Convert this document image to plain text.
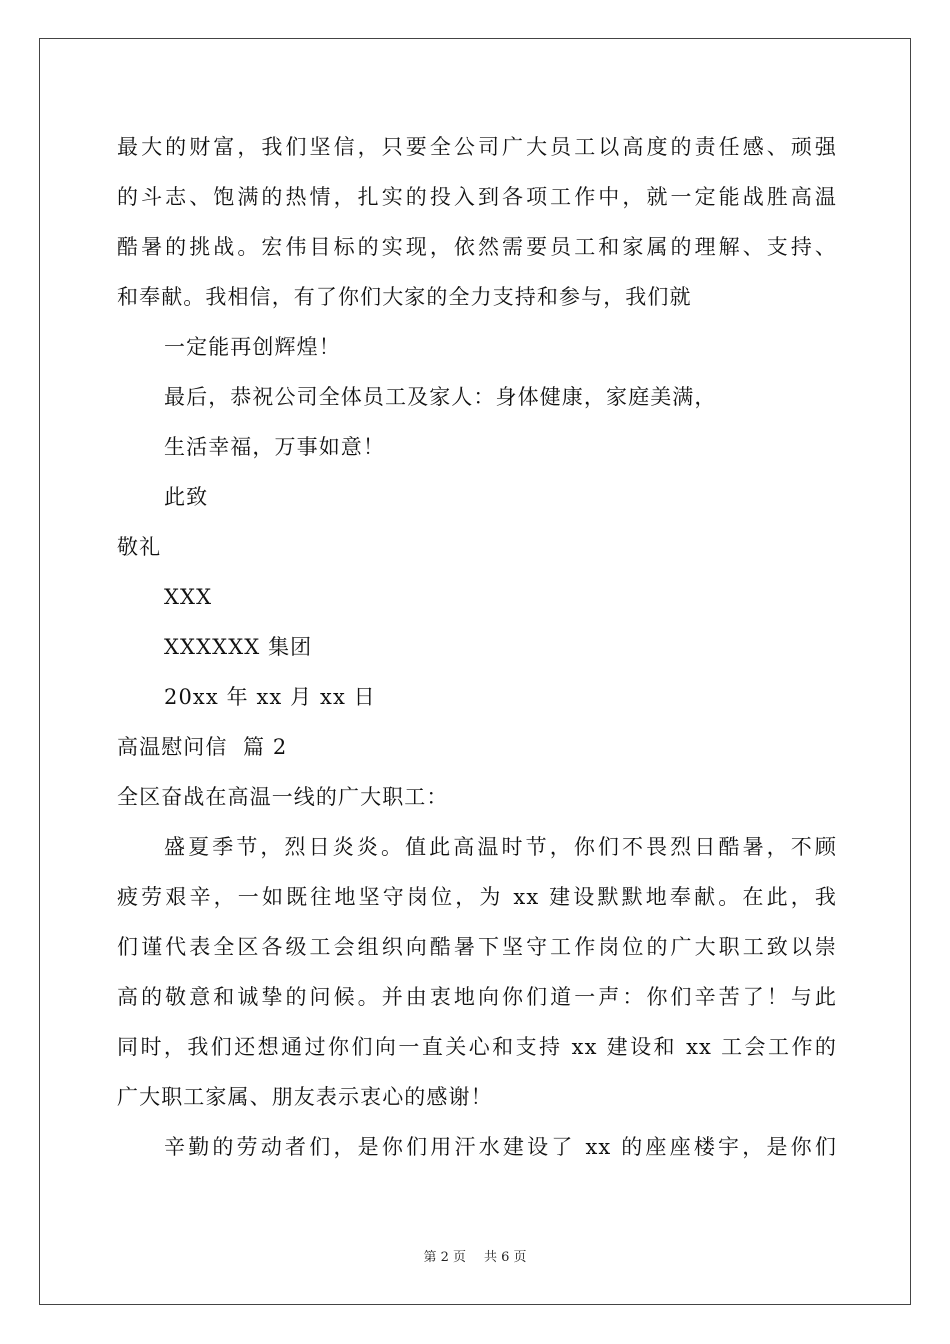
最大的财富，我们坚信，只要全公司广大员工以高度的责任感、顽强
的斗志、饱满的热情，扎实的投入到各项工作中，就一定能战胜高温
酷暑的挑战。宏伟目标的实现，依然需要员工和家属的理解、支持、
和奉献。我相信，有了你们大家的全力支持和参与，我们就
一定能再创辉煌！
最后，恭祝公司全体员工及家人：身体健康，家庭美满，
生活幸福，万事如意！
此致
敬礼
XXX
XXXXXX 集团
20xx 年 xx 月 xx 日
高温慰问信  篇 2
全区奋战在高温一线的广大职工：
盛夏季节，烈日炎炎。值此高温时节，你们不畏烈日酷暑，不顾
疲劳艰辛，一如既往地坚守岗位，为 xx 建设默默地奉献。在此，我
们谨代表全区各级工会组织向酷暑下坚守工作岗位的广大职工致以崇
高的敬意和诚挚的问候。并由衷地向你们道一声：你们辛苦了！与此
同时，我们还想通过你们向一直关心和支持 xx 建设和 xx 工会工作的
广大职工家属、朋友表示衷心的感谢！
辛勤的劳动者们，是你们用汗水建设了 xx 的座座楼宇，是你们
第 2 页 共 6 页
